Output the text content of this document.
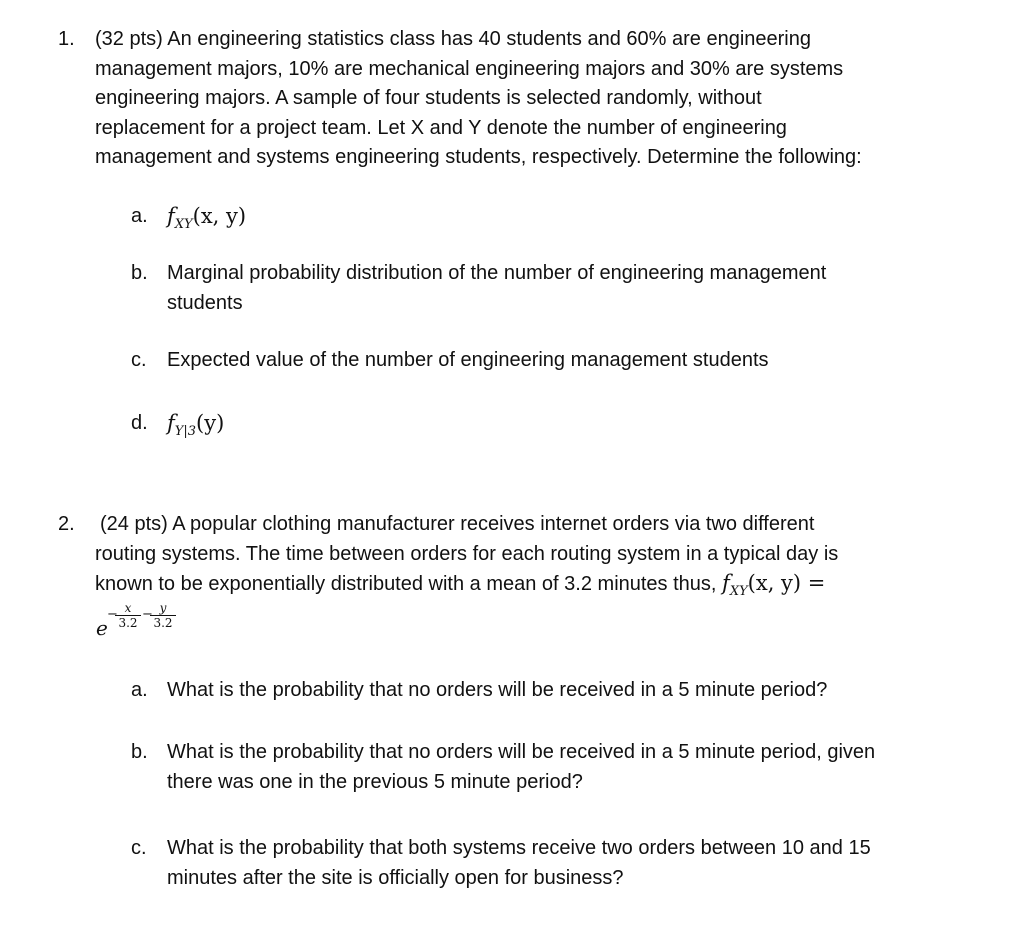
1. (32 pts) An engineering statistics class has 40 students and 60% are engineering
management majors, 10% are mechanical engineering majors and 30% are systems
engineering majors. A sample of four students is selected randomly, without
replacement for a project team. Let X and Y denote the number of engineering
management and systems engineering students, respectively. Determine the following:
a. $f_{XY}(x$, y)
b. Marginal probability distribution of the number of engineering management
students
c.	Expected value of the number of engineering management students
d. $f_{Y|3}(y)$
2. (24 pts) A popular clothing manufacturer receives internet orders via two different
routing systems. The time between orders for each routing system in a typical day is
known to be exponentially distributed with a mean of 3.2 minutes thus, $f_{XY}(x$, y) =
e
−
$\frac{x}{3.2}$ −
$\frac{y}{3.2}$
a. What is the probability that no orders will be received in a 5 minute period?
b. What is the probability that no orders will be received in a 5 minute period, given
there was one in the previous 5 minute period?
c.	What is the probability that both systems receive two orders between 10 and 15
minutes after the site is officially open for business?
